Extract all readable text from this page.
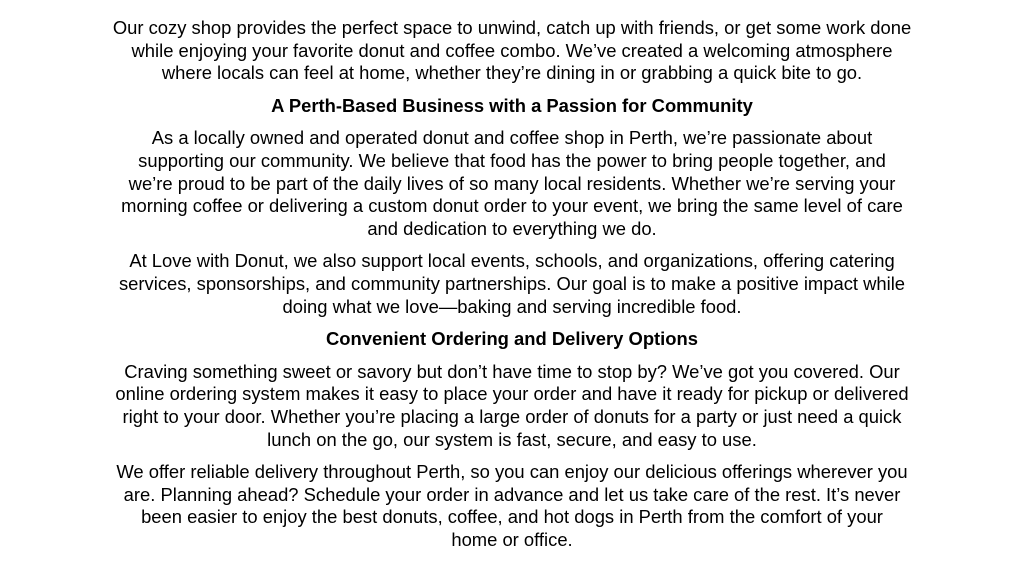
Our cozy shop provides the perfect space to unwind, catch up with friends, or get some work done
while enjoying your favorite donut and coffee combo. We’ve created a welcoming atmosphere
where locals can feel at home, whether they’re dining in or grabbing a quick bite to go.

A Perth-Based Business with a Passion for Community

As a locally owned and operated donut and coffee shop in Perth, we’re passionate about
supporting our community. We believe that food has the power to bring people together, and
we’re proud to be part of the daily lives of so many local residents. Whether we’re serving your
morning coffee or delivering a custom donut order to your event, we bring the same level of care
and dedication to everything we do.

At Love with Donut, we also support local events, schools, and organizations, offering catering
services, sponsorships, and community partnerships. Our goal is to make a positive impact while
doing what we love—baking and serving incredible food.

Convenient Ordering and Delivery Options

Craving something sweet or savory but don’t have time to stop by? We’ve got you covered. Our
online ordering system makes it easy to place your order and have it ready for pickup or delivered
right to your door. Whether you’re placing a large order of donuts for a party or just need a quick
lunch on the go, our system is fast, secure, and easy to use.

We offer reliable delivery throughout Perth, so you can enjoy our delicious offerings wherever you
are. Planning ahead? Schedule your order in advance and let us take care of the rest. It’s never
been easier to enjoy the best donuts, coffee, and hot dogs in Perth from the comfort of your
home or office.
